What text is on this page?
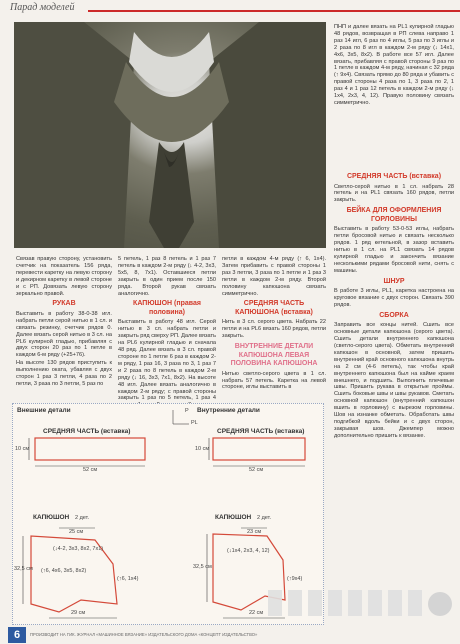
Парад моделей

Связав правую сторону, установить счетчик на показатель 156 ряда, перевести каретку на левую сторону и декирном каретку в левой стороне и с РП. Довязать левую сторону зеркально правой.

РУКАВ

Выставить в работу 38-0-38 игл. набрать петли серой нитью в 1 сл. и связать резинку, счетчик рядов 0. Далее вязать серой нитью в 3 сл. на PL6 кулирной гладью, прибавляя с двух сторон 20 раз по 1 петле в каждом 6-м ряду (+25+76).

На высоте 130 рядов приступить к выполнению оката, убавляя с двух сторон 1 раз 3 петли, 4 раза по 2 петли, 3 раза по 3 петли, 5 раз по

5 петель, 1 раз 8 петель и 1 раз 7 петель в каждом 2-м ряду (↓ 4-2, 3x3, 5x5, 8, 7x1). Оставшиеся петли закрыть в один прием после 150 ряда. Второй рукав связать аналогично.

КАПЮШОН (правая половина)

Выставить в работу 48 игл. Серой нитью в 3 сл. набрать петли и закрыть ряд сверху РП. Далее вязать на PL6 кулирной гладью и сначала 48 ряд. Далее вязать в 3 сл. правой стороне по 1 петле 6 раз в каждом 2-м ряду, 1 раз 16, 3 раза по 3, 1 раз 7 и 2 раза по 8 петель в каждом 2-м ряду (↓ 16, 3x3, 7x1, 8x2). На высоте 48 игл. Далее вязать аналогично в каждом 2-м ряду; с правой стороны закрыть 1 раз по 5 петель, 1 раз 4

петли в каждом 4-м ряду (↑ 6, 1x4). Затем прибавить с правой стороны 1 раз 3 петли, 3 раза по 1 петле и 1 раз 3 петли в каждом 2-м ряду. Второй половину капюшона связать симметрично.

СРЕДНЯЯ ЧАСТЬ КАПЮШОНА (вставка)

Нить в 3 сл. серого цвета. Набрать 22 петли и на PL6 вязать 160 рядов, петли закрыть.

ВНУТРЕННИЕ ДЕТАЛИ КАПЮШОНА ЛЕВАЯ ПОЛОВИНА КАПЮШОНА

Нитью светло-серого цвета в 1 сл. набрать 57 петель. Каретка на левой стороне, иглы выставить в

ПНП и далее вязать на PL1 кулирной гладью 48 рядов, возвращая в РП слева направо 1 раз 14 игл, 6 раз по 4 иглы, 5 раз по 3 иглы и 2 раза по 8 игл в каждом 2-м ряду (↓ 14x1, 4x6, 3x5, 8x2). В работе все 57 игл. Далее вязать, прибавляя с правой стороны 9 раз по 1 петле в каждом 4-м ряду, начиная с 32 ряда (↑ 9x4). Связать прямо до 80 ряда и убавить с правой стороны 4 раза по 1, 3 раза по 2, 1 раз 4 и 1 раз 12 петель в каждом 2-м ряду (↓ 1x4, 2x3, 4, 12). Правую половину связать симметрично.

СРЕДНЯЯ ЧАСТЬ (вставка)

Светло-серой нитью в 1 сл. набрать 28 петель и на PL1 связать 160 рядов, петли закрыть.

БЕЙКА ДЛЯ ОФОРМЛЕНИЯ ГОРЛОВИНЫ

Выставить в работу 53-0-53 иглы, набрать петли бросовой нитью и связать несколько рядов. 1 ряд кетельной, в зазор вставить нитью в 1 сл. на PL1 связать 14 рядов кулирной гладью и закончить вязание несколькими рядами бросовой нити, снять с машины.

ШНУР

В работе 3 иглы, PL1, каретка настроена на круговое вязание с двух сторон. Связать 390 рядов.

СБОРКА

Заправить все концы нитей. Сшить все основные детали капюшона (серого цвета). Сшить детали внутреннего капюшона (светло-серого цвета). Обметать внутренний капюшон в основной, затем пришить внутренний край основного капюшона внутрь на 2 см (4-6 петель), так чтобы край внутреннего капюшона был на кайме краем внешнего, и подшить. Выполнить плечевые швы. Пришить рукава в открытые проймы. Сшить боковые швы и швы рукавов. Сметать основной капюшон (внутренний капюшон вшить в горловину) с вырезом горловины. Шов на изнанке обметать. Обработать швы подгибкой вдоль бейки и с двух сторон, закрывая шов. Джемпер можно дополнительно пришить к вязанке.

Внешние детали	Внутренние детали
P
PL
СРЕДНЯЯ ЧАСТЬ (вставка)
52 см
10 см
СРЕДНЯЯ ЧАСТЬ (вставка)
52 см
10 см
КАПЮШОН 2 дет.
25 см
32,5 см
29 см
(↓4-2, 3x3, 8x2, 7x1)
(↑6, 4x6, 3x5, 8x2)
(↑6, 1x4)
КАПЮШОН 2 дет.
23 см
32,5 см
22 см
(↓1x4, 2x3, 4, 12)
(↑9x4)
6	ПРОИЗВОДИТ НА ГИК. ЖУРНАЛ «МАШИННОЕ ВЯЗАНИЕ» ИЗДАТЕЛЬСКОГО ДОМА «КОНЦЕПТ ИЗДАТЕЛЬСТВО»
